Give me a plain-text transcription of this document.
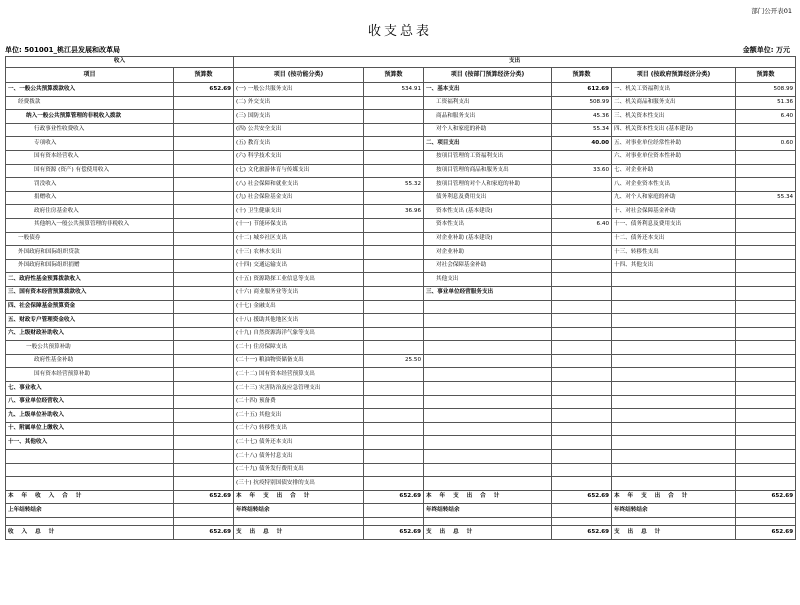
部门公开表01
收支总表
单位: 501001_桃江县发展和改革局	金额单位: 万元
收入		支出					
项目	预算数	项目 (按功能分类)	预算数	项目 (按部门预算经济分类)	预算数	项目 (按政府预算经济分类)	预算数
一、一般公共预算拨款收入	652.69	(一) 一般公共服务支出	534.91	一、基本支出	612.69	一、机关工资福利支出	508.99
经费拨款		(二) 外交支出		工资福利支出	508.99	二、机关商品和服务支出	51.36
纳入一般公共预算管理的非税收入拨款		(三) 国防支出		商品和服务支出	45.36	三、机关资本性支出	6.40
行政事业性收费收入		(四) 公共安全支出		对个人和家庭的补助	55.34	四、机关资本性支出 (基本建设)	
专项收入		(五) 教育支出		二、项目支出	40.00	五、对事业单位经常性补助	0.60
国有资本经营收入		(六) 科学技术支出		按项目管理的工资福利支出		六、对事业单位资本性补助	
国有资源 (资产) 有偿使用收入		(七) 文化旅游体育与传媒支出		按项目管理的商品和服务支出	33.60	七、对企业补助	
罚没收入		(八) 社会保障和就业支出	55.32	按项目管理的对个人和家庭的补助		八、对企业资本性支出	
捐赠收入		(九) 社会保险基金支出		债务利息及费用支出		九、对个人和家庭的补助	55.34
政府住房基金收入		(十) 卫生健康支出	36.96	资本性支出 (基本建设)		十、对社会保障基金补助	
其他纳入一般公共预算管理的非税收入		(十一) 节能环保支出		资本性支出	6.40	十一、债务利息及费用支出	
一般债券		(十二) 城乡社区支出		对企业补助 (基本建设)		十二、债务还本支出	
外国政府和国际组织贷款		(十三) 农林水支出		对企业补助		十三、转移性支出	
外国政府和国际组织捐赠		(十四) 交通运输支出		对社会保障基金补助		十四、其他支出	
二、政府性基金预算拨款收入		(十五) 资源勘探工业信息等支出		其他支出			
三、国有资本经营预算拨款收入		(十六) 商业服务业等支出		三、事业单位经营服务支出			
四、社会保障基金预算资金		(十七) 金融支出					
五、财政专户管理资金收入		(十八) 援助其他地区支出					
六、上级财政补助收入		(十九) 自然资源海洋气象等支出					
一般公共预算补助		(二十) 住房保障支出					
政府性基金补助		(二十一) 粮油物资储备支出	25.50				
国有资本经营预算补助		(二十二) 国有资本经营预算支出					
七、事业收入		(二十三) 灾害防治及应急管理支出					
八、事业单位经营收入		(二十四) 预备费					
九、上级单位补助收入		(二十五) 其他支出					
十、附属单位上缴收入		(二十六) 转移性支出					
十一、其他收入		(二十七) 债务还本支出					
		(二十八) 债务付息支出					
		(二十九) 债务发行费用支出					
		(三十) 抗疫特别国债安排的支出					
本 年 收 入 合 计	652.69	本 年 支 出 合 计	652.69	本 年 支 出 合 计	652.69	本 年 支 出 合 计	652.69
上年结转结余		年终结转结余		年终结转结余		年终结转结余	

收 入 总 计	652.69	支 出 总 计	652.69	支 出 总 计	652.69	支 出 总 计	652.69
